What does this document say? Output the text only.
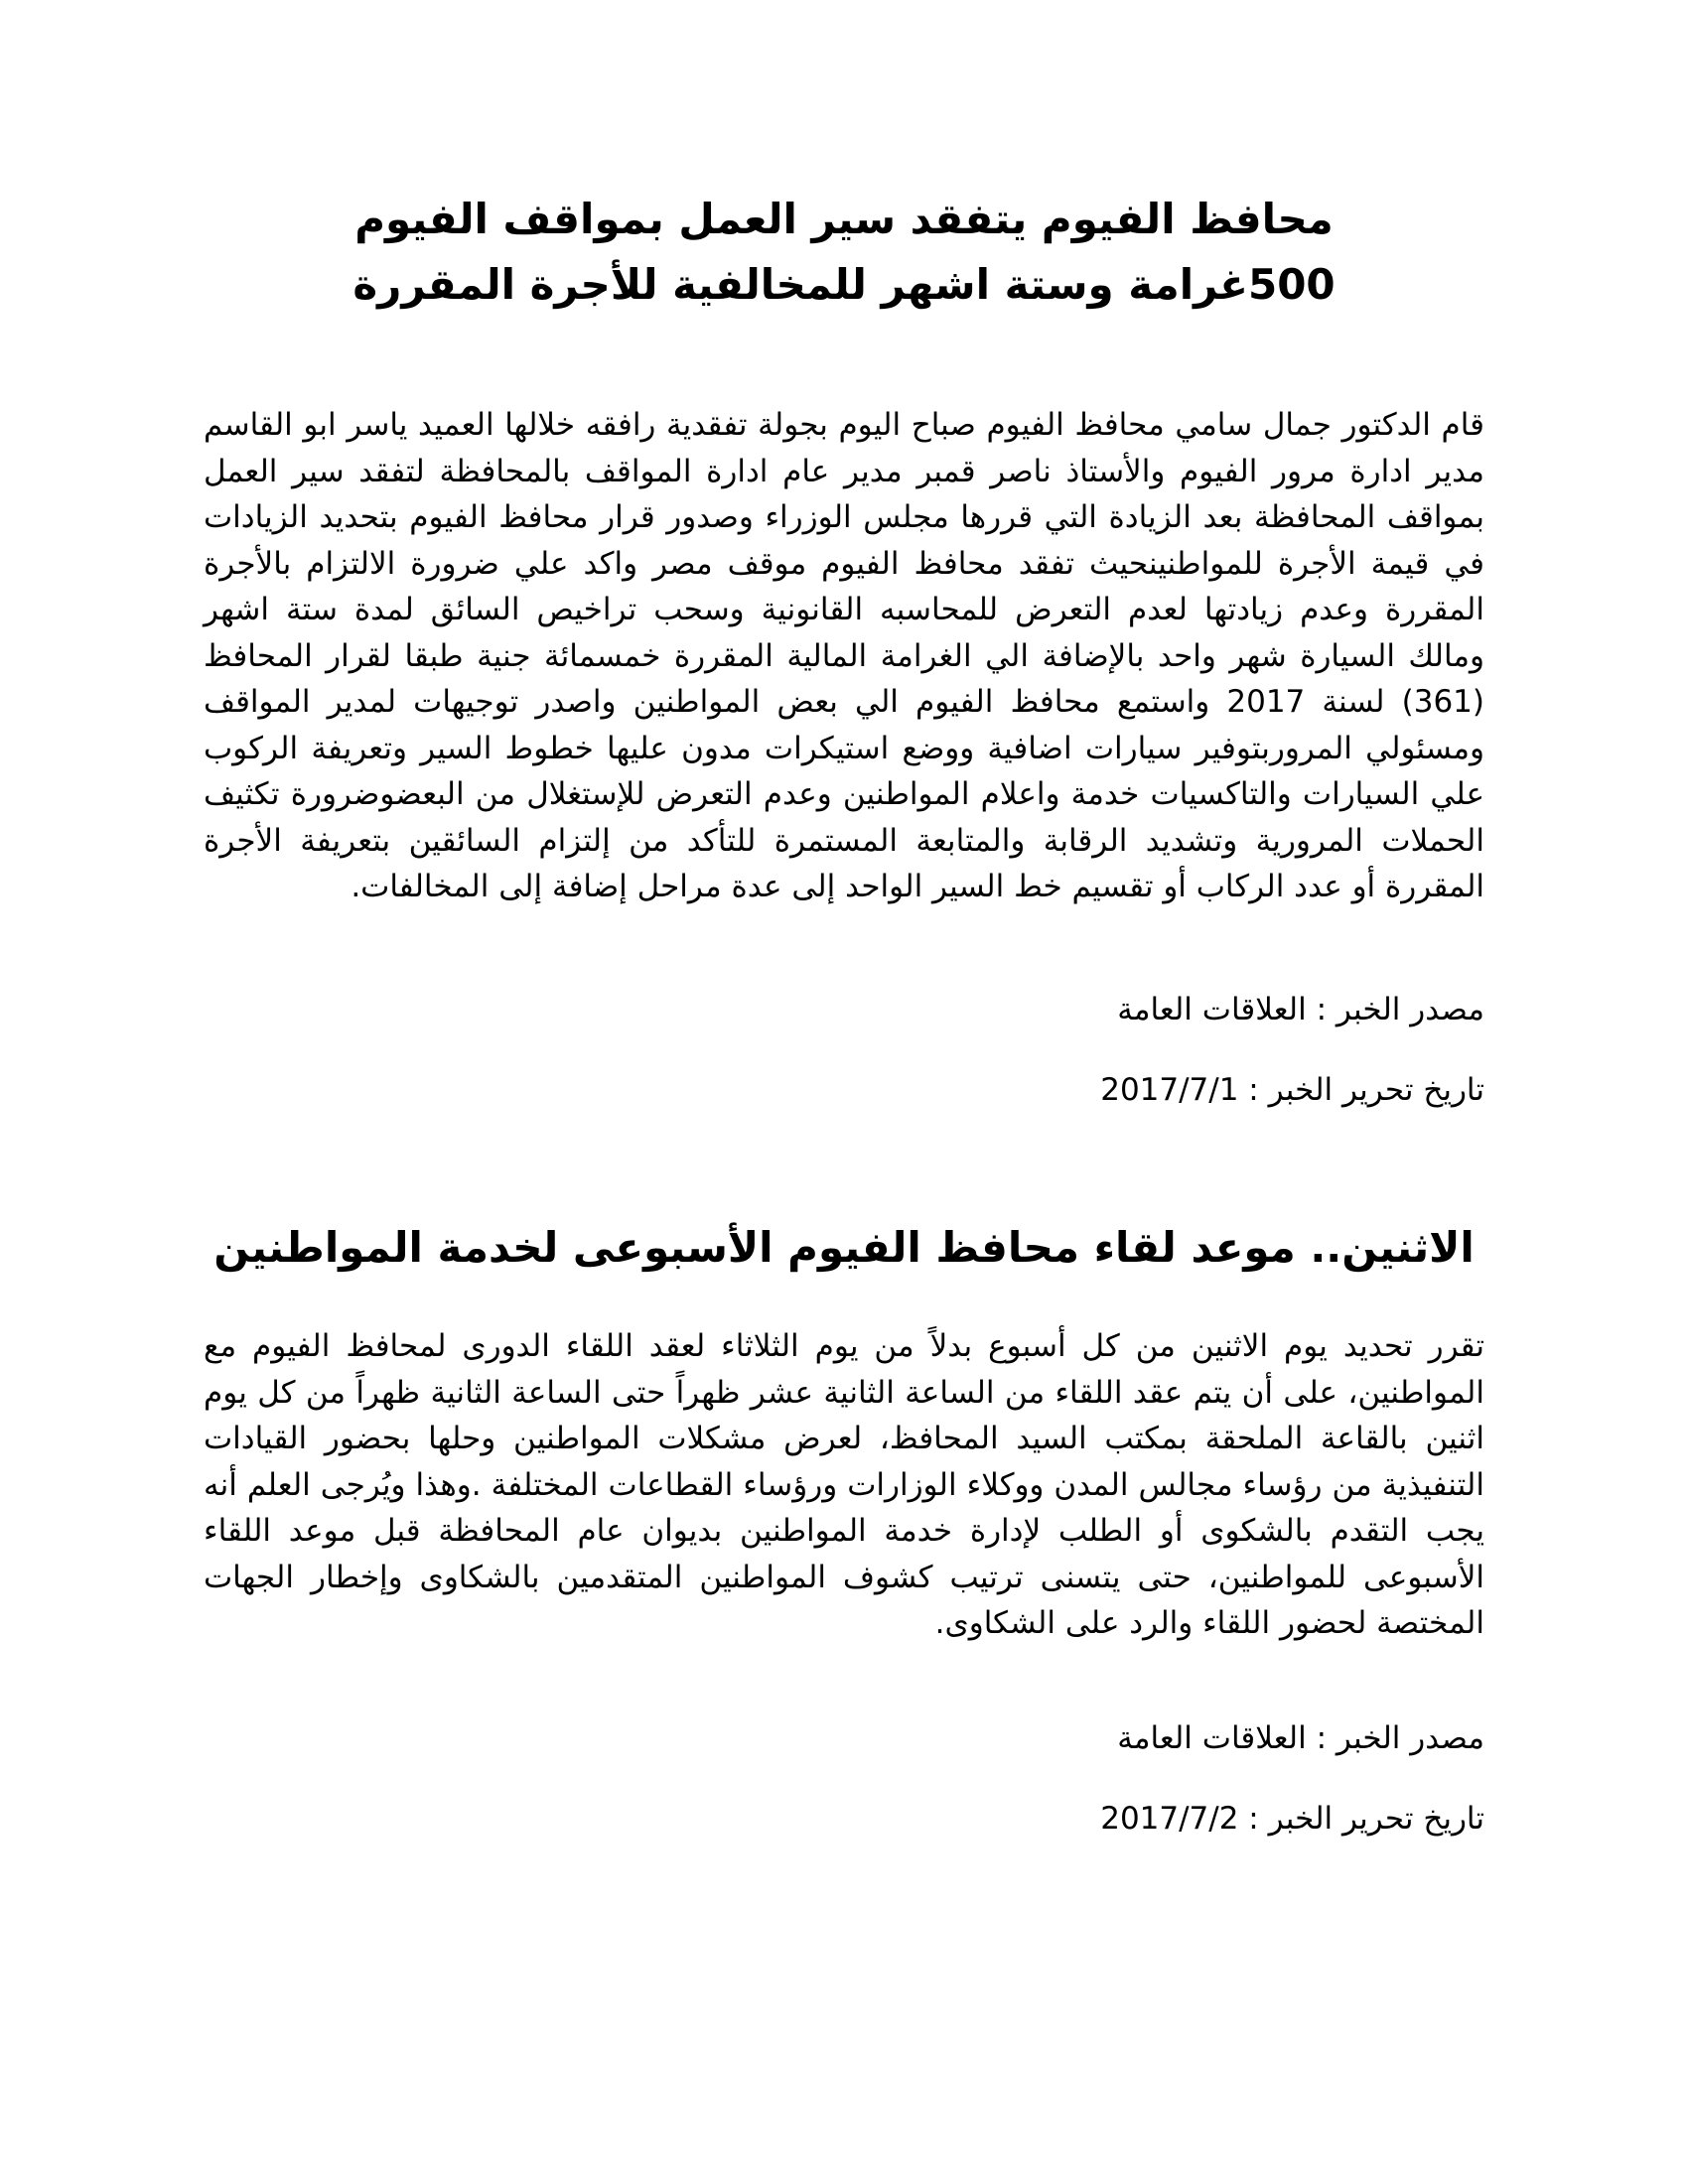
محافظ الفيوم يتفقد سير العمل بمواقف الفيوم
500غرامة وستة اشهر للمخالفية للأجرة المقررة

قام الدكتور جمال سامي محافظ الفيوم صباح اليوم بجولة تفقدية رافقه خلالها العميد ياسر ابو القاسم مدير ادارة مرور الفيوم والأستاذ ناصر قمبر مدير عام ادارة المواقف بالمحافظة لتفقد سير العمل بمواقف المحافظة بعد الزيادة التي قررها مجلس الوزراء وصدور قرار محافظ الفيوم بتحديد الزيادات في قيمة الأجرة للمواطنينحيث تفقد محافظ الفيوم موقف مصر واكد علي ضرورة الالتزام بالأجرة المقررة وعدم زيادتها لعدم التعرض للمحاسبه القانونية وسحب تراخيص السائق لمدة ستة اشهر ومالك السيارة شهر واحد بالإضافة الي الغرامة المالية المقررة خمسمائة جنية طبقا لقرار المحافظ (361) لسنة 2017 واستمع محافظ الفيوم الي بعض المواطنين واصدر توجيهات لمدير المواقف ومسئولي المروربتوفير سيارات اضافية ووضع استيكرات مدون عليها خطوط السير وتعريفة الركوب علي السيارات والتاكسيات خدمة واعلام المواطنين وعدم التعرض للإستغلال من البعضوضرورة تكثيف الحملات المرورية وتشديد الرقابة والمتابعة المستمرة للتأكد من إلتزام السائقين بتعريفة الأجرة المقررة أو عدد الركاب أو تقسيم خط السير الواحد إلى عدة مراحل إضافة إلى المخالفات.

مصدر الخبر : العلاقات العامة
تاريخ تحرير الخبر : 2017/7/1
الاثنين.. موعد لقاء محافظ الفيوم الأسبوعى لخدمة المواطنين

تقرر تحديد يوم الاثنين من كل أسبوع بدلاً من يوم الثلاثاء لعقد اللقاء الدورى لمحافظ الفيوم مع المواطنين، على أن يتم عقد اللقاء من الساعة الثانية عشر ظهراً حتى الساعة الثانية ظهراً من كل يوم اثنين بالقاعة الملحقة بمكتب السيد المحافظ، لعرض مشكلات المواطنين وحلها بحضور القيادات التنفيذية من رؤساء مجالس المدن ووكلاء الوزارات ورؤساء القطاعات المختلفة .وهذا ويُرجى العلم أنه يجب التقدم بالشكوى أو الطلب لإدارة خدمة المواطنين بديوان عام المحافظة قبل موعد اللقاء الأسبوعى للمواطنين، حتى يتسنى ترتيب كشوف المواطنين المتقدمين بالشكاوى وإخطار الجهات المختصة لحضور اللقاء والرد على الشكاوى.

مصدر الخبر : العلاقات العامة
تاريخ تحرير الخبر : 2017/7/2
